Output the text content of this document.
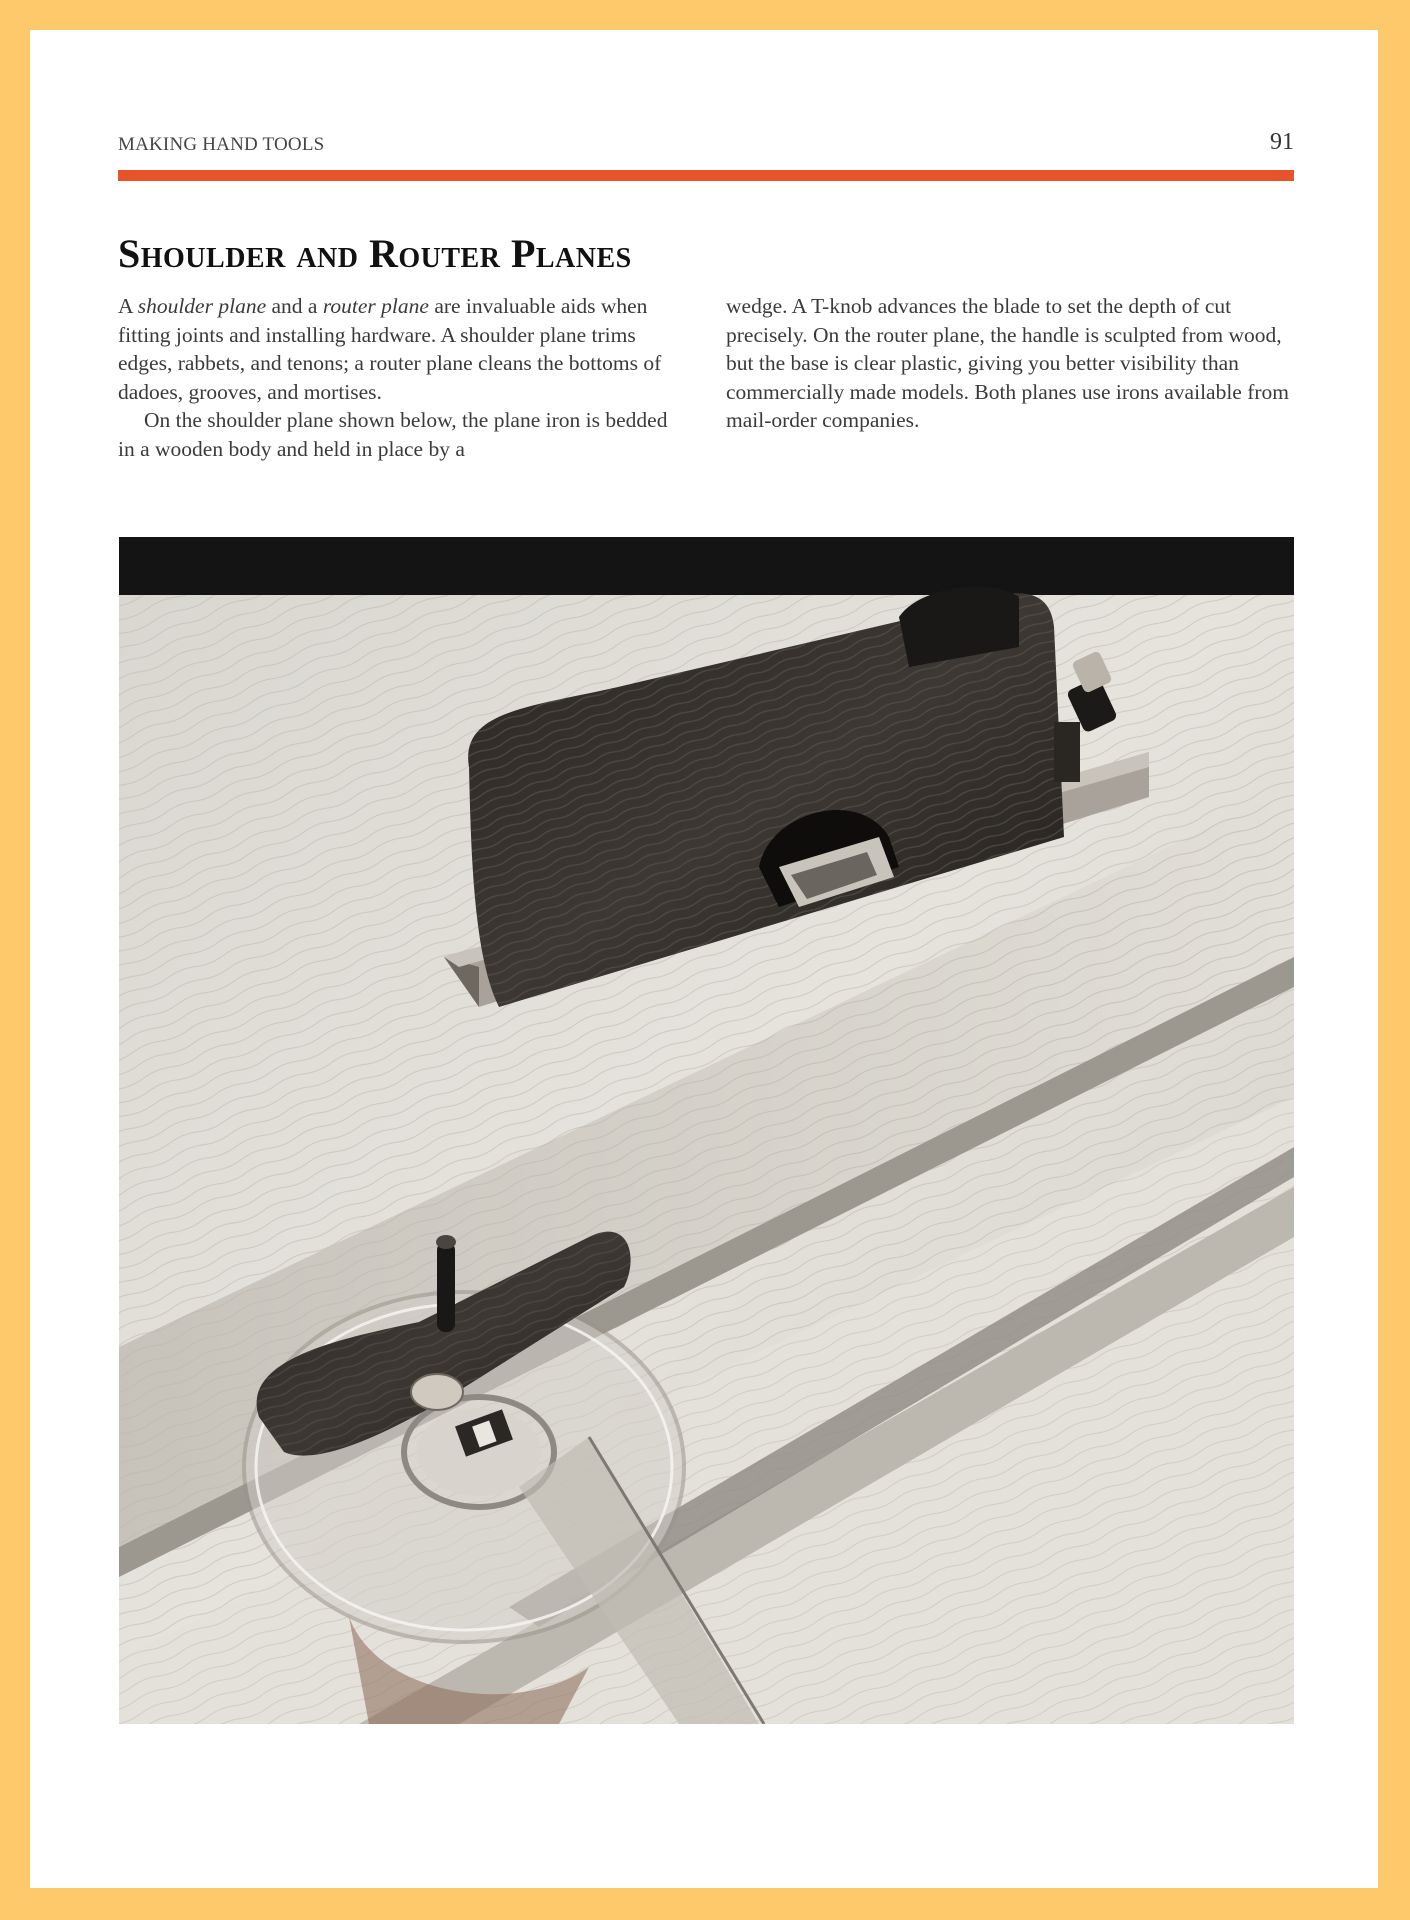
MAKING HAND TOOLS	91
Shoulder and Router Planes

A shoulder plane and a router plane are invaluable aids when fitting joints and installing hardware. A shoulder plane trims edges, rabbets, and tenons; a router plane cleans the bottoms of dadoes, grooves, and mortises.

On the shoulder plane shown below, the plane iron is bedded in a wooden body and held in place by a

wedge. A T-knob advances the blade to set the depth of cut precisely. On the router plane, the handle is sculpted from wood, but the base is clear plastic, giving you better visibility than commercially made models. Both planes use irons available from mail-order companies.
